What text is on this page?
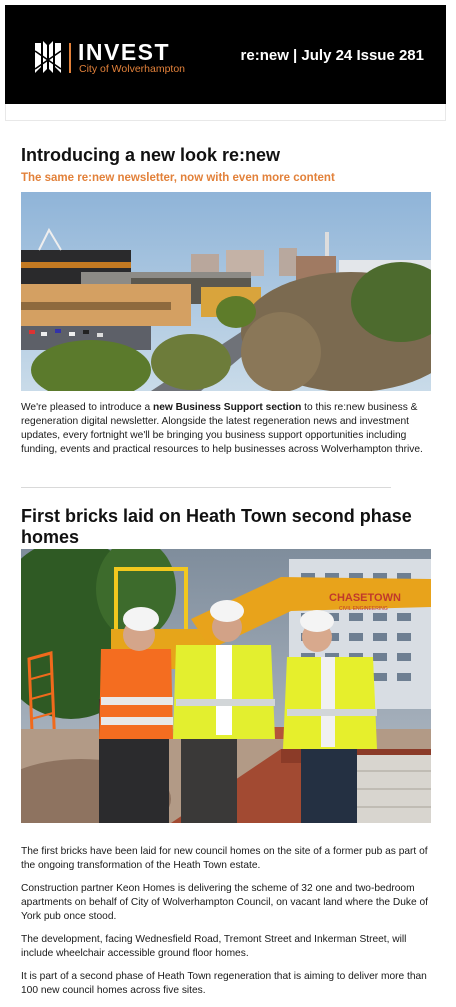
INVEST
City of Wolverhampton
re:new | July 24 Issue 281
Introducing a new look re:new
The same re:new newsletter, now with even more content

We're pleased to introduce a new Business Support section to this re:new business & regeneration digital newsletter. Alongside the latest regeneration news and investment updates, every fortnight we'll be bringing you business support opportunities including funding, events and practical resources to help businesses across Wolverhampton thrive.

First bricks laid on Heath Town second phase homes
CHASETOWN
CIVIL ENGINEERING

The first bricks have been laid for new council homes on the site of a former pub as part of the ongoing transformation of the Heath Town estate.

Construction partner Keon Homes is delivering the scheme of 32 one and two-bedroom apartments on behalf of City of Wolverhampton Council, on vacant land where the Duke of York pub once stood.

The development, facing Wednesfield Road, Tremont Street and Inkerman Street, will include wheelchair accessible ground floor homes.

It is part of a second phase of Heath Town regeneration that is aiming to deliver more than 100 new council homes across five sites.
